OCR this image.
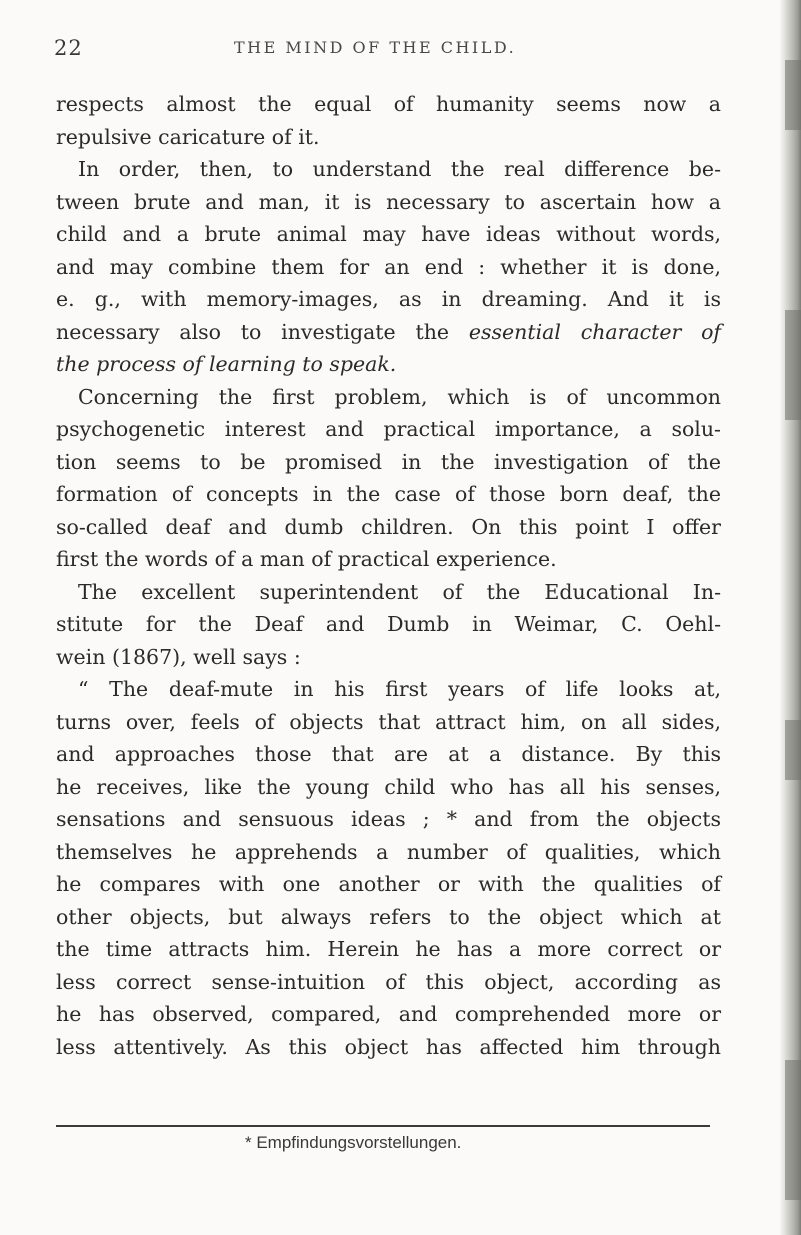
22	THE MIND OF THE CHILD.
respects almost the equal of humanity seems now a
repulsive caricature of it.
In order, then, to understand the real difference be-
tween brute and man, it is necessary to ascertain how a
child and a brute animal may have ideas without words,
and may combine them for an end : whether it is done,
e. g., with memory-images, as in dreaming. And it is
necessary also to investigate the essential character of
the process of learning to speak.
Concerning the first problem, which is of uncommon
psychogenetic interest and practical importance, a solu-
tion seems to be promised in the investigation of the
formation of concepts in the case of those born deaf, the
so-called deaf and dumb children. On this point I offer
first the words of a man of practical experience.
The excellent superintendent of the Educational In-
stitute for the Deaf and Dumb in Weimar, C. Oehl-
wein (1867), well says :
“ The deaf-mute in his first years of life looks at,
turns over, feels of objects that attract him, on all sides,
and approaches those that are at a distance. By this
he receives, like the young child who has all his senses,
sensations and sensuous ideas ; * and from the objects
themselves he apprehends a number of qualities, which
he compares with one another or with the qualities of
other objects, but always refers to the object which at
the time attracts him. Herein he has a more correct or
less correct sense-intuition of this object, according as
he has observed, compared, and comprehended more or
less attentively. As this object has affected him through
* Empfindungsvorstellungen.
